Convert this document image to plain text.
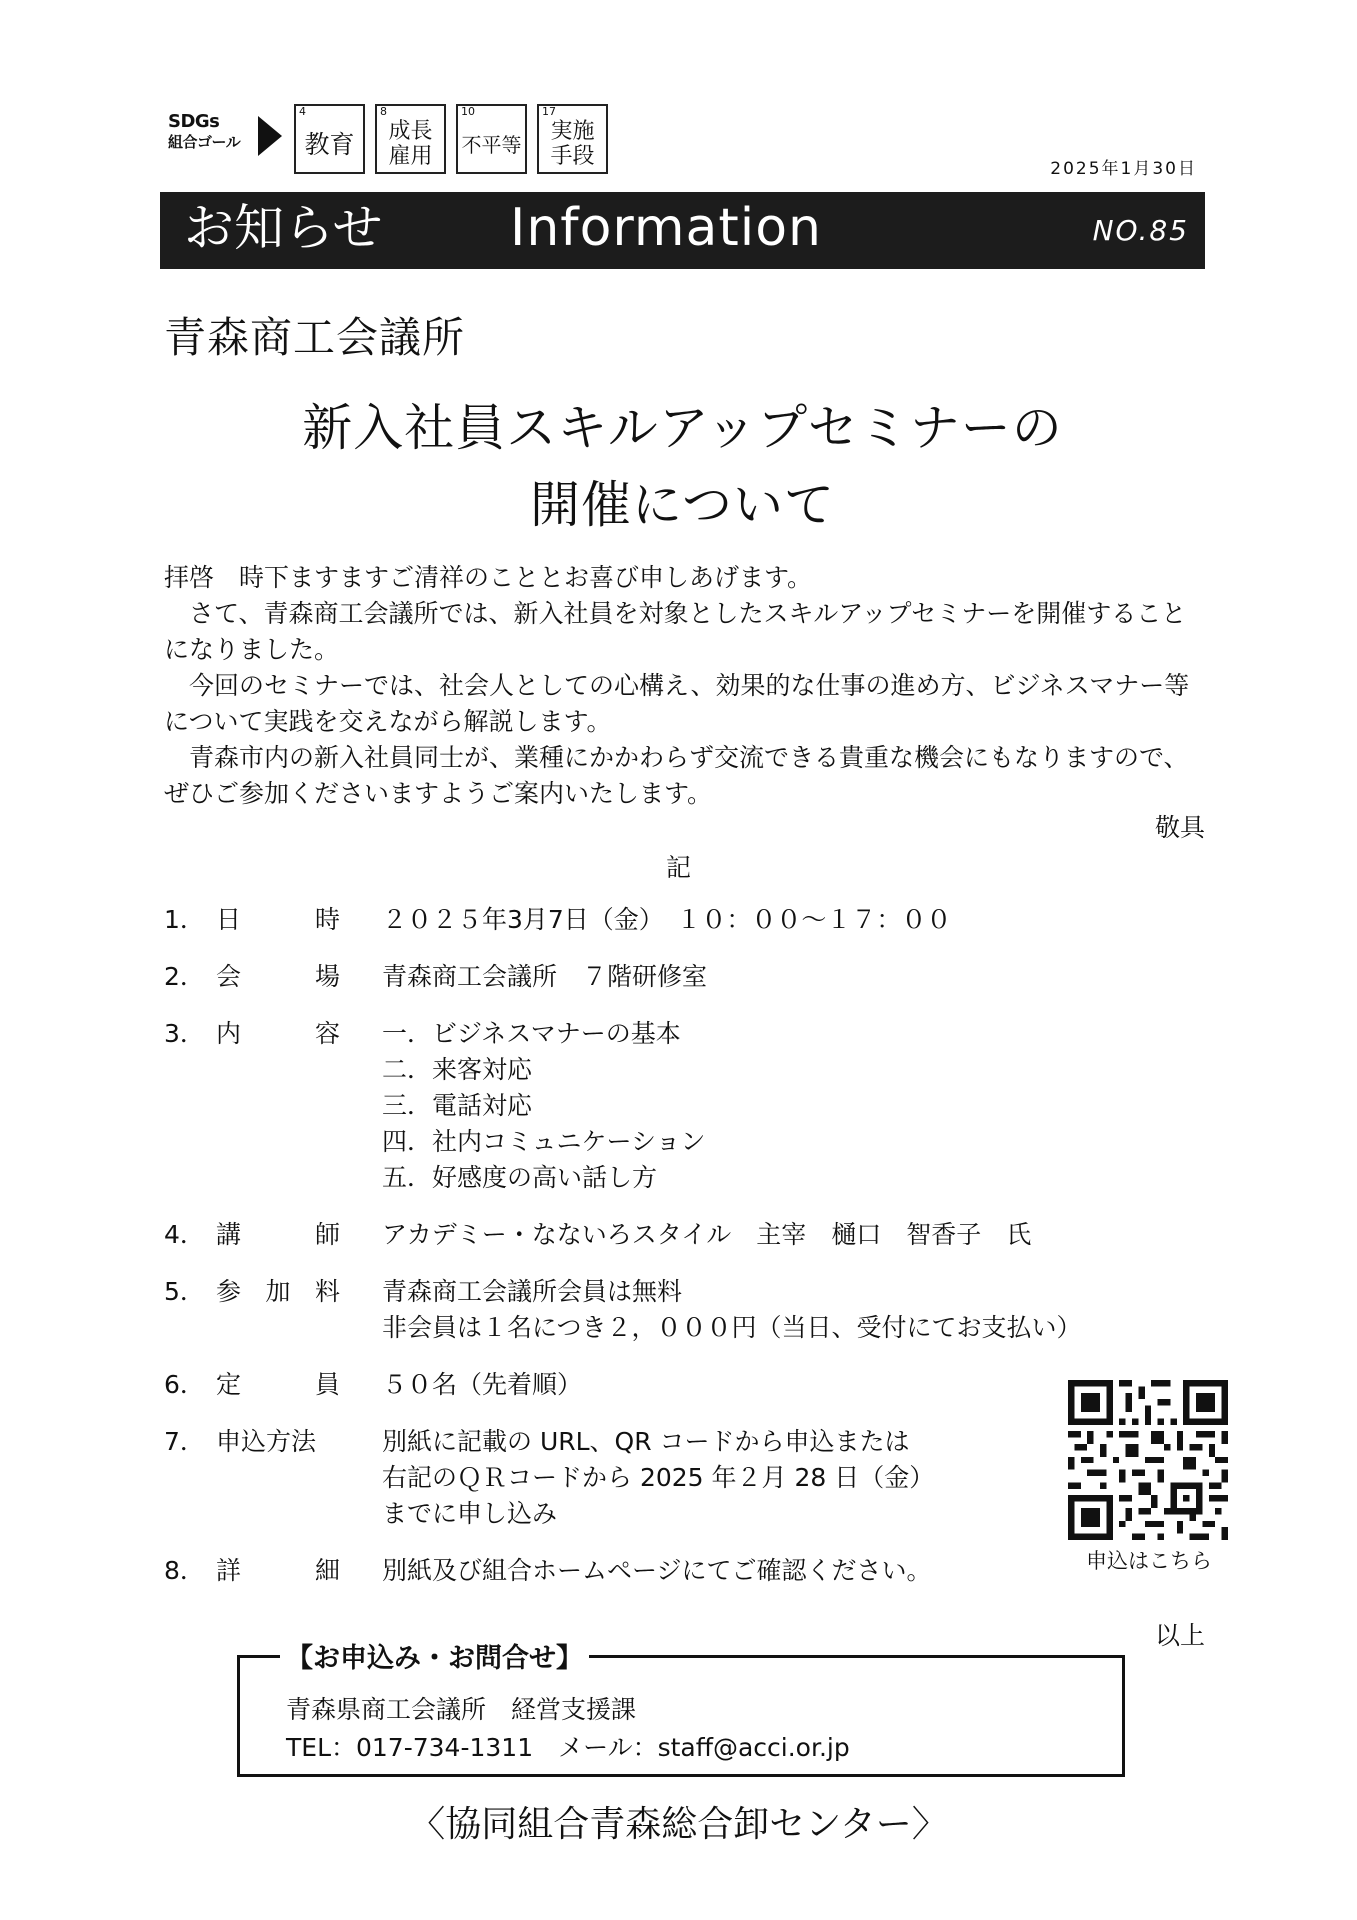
SDGs
組合ゴール
4
教育
8
成長
雇用
10
不平等
17
実施
手段	2025年1月30日
お知らせ Information	NO.85
青森商工会議所
新入社員スキルアップセミナーの
開催について

拝啓　時下ますますご清祥のこととお喜び申しあげます。

さて、青森商工会議所では、新入社員を対象としたスキルアップセミナーを開催することになりました。

今回のセミナーでは、社会人としての心構え、効果的な仕事の進め方、ビジネスマナー等について実践を交えながら解説します。

青森市内の新入社員同士が、業種にかかわらず交流できる貴重な機会にもなりますので、ぜひご参加くださいますようご案内いたします。

敬具
記
1． 日	時 ２０２５年3月7日（金）　１０：００～１７：００
2． 会	場 青森商工会議所　７階研修室
3． 内	容 一．ビジネスマナーの基本
二．来客対応
三．電話対応
四．社内コミュニケーション
五．好感度の高い話し方
4． 講	師 アカデミー・なないろスタイル　主宰　樋口　智香子　氏
5． 参 加 料 青森商工会議所会員は無料
非会員は１名につき２，０００円（当日、受付にてお支払い）
6． 定	員 ５０名（先着順）
7． 申込方法	別紙に記載の URL、QR コードから申込または
右記のＱＲコードから 2025 年２月 28 日（金）
までに申し込み
8． 詳	細 別紙及び組合ホームページにてご確認ください。	申込はこちら
以上
【お申込み・お問合せ】
青森県商工会議所　経営支援課
TEL：017-734-1311　メール：staff@acci.or.jp
〈協同組合青森総合卸センター〉
